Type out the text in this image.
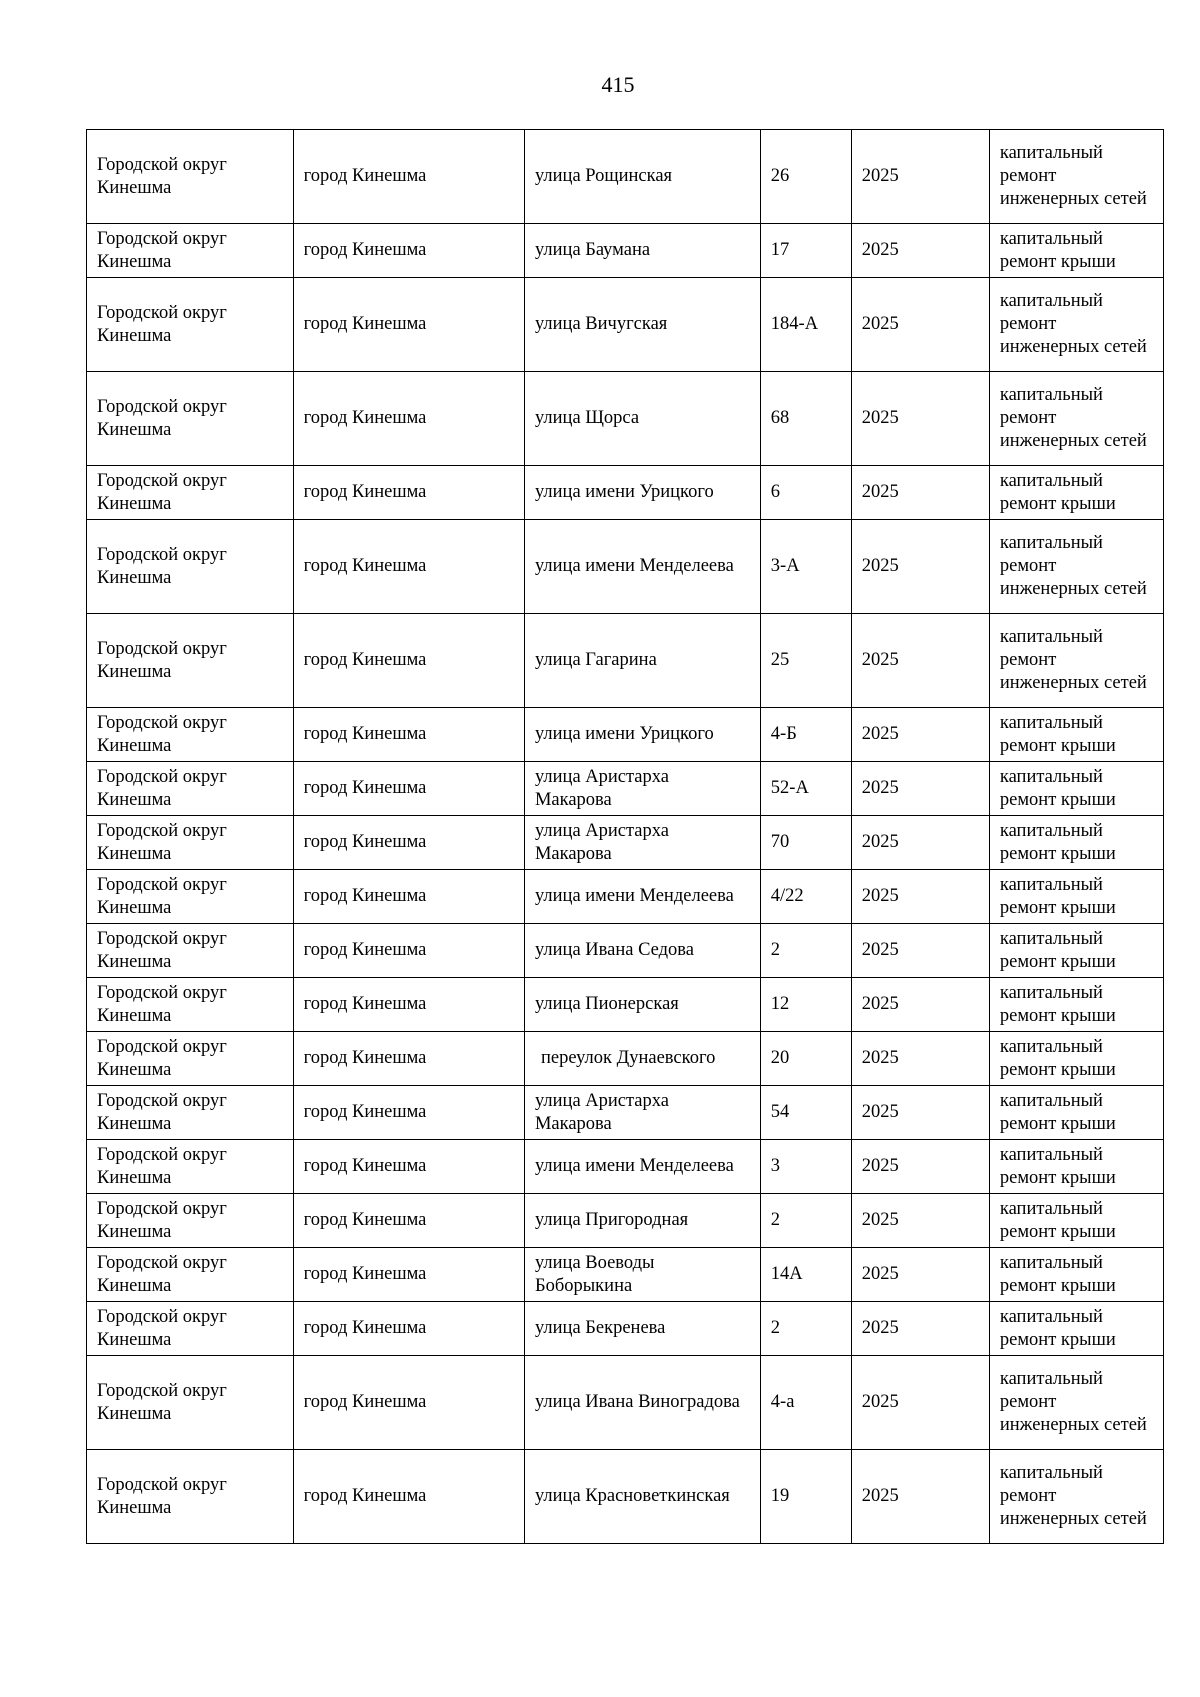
415
Городской округ Кинешма	город Кинешма	улица Рощинская	26	2025	капитальный ремонт инженерных сетей
Городской округ Кинешма	город Кинешма	улица Баумана	17	2025	капитальный ремонт крыши
Городской округ Кинешма	город Кинешма	улица Вичугская	184-А	2025	капитальный ремонт инженерных сетей
Городской округ Кинешма	город Кинешма	улица Щорса	68	2025	капитальный ремонт инженерных сетей
Городской округ Кинешма	город Кинешма	улица имени Урицкого	6	2025	капитальный ремонт крыши
Городской округ Кинешма	город Кинешма	улица имени Менделеева	3-А	2025	капитальный ремонт инженерных сетей
Городской округ Кинешма	город Кинешма	улица Гагарина	25	2025	капитальный ремонт инженерных сетей
Городской округ Кинешма	город Кинешма	улица имени Урицкого	4-Б	2025	капитальный ремонт крыши
Городской округ Кинешма	город Кинешма	улица Аристарха Макарова	52-А	2025	капитальный ремонт крыши
Городской округ Кинешма	город Кинешма	улица Аристарха Макарова	70	2025	капитальный ремонт крыши
Городской округ Кинешма	город Кинешма	улица имени Менделеева	4/22	2025	капитальный ремонт крыши
Городской округ Кинешма	город Кинешма	улица Ивана Седова	2	2025	капитальный ремонт крыши
Городской округ Кинешма	город Кинешма	улица Пионерская	12	2025	капитальный ремонт крыши
Городской округ Кинешма	город Кинешма	переулок Дунаевского	20	2025	капитальный ремонт крыши
Городской округ Кинешма	город Кинешма	улица Аристарха Макарова	54	2025	капитальный ремонт крыши
Городской округ Кинешма	город Кинешма	улица имени Менделеева	3	2025	капитальный ремонт крыши
Городской округ Кинешма	город Кинешма	улица Пригородная	2	2025	капитальный ремонт крыши
Городской округ Кинешма	город Кинешма	улица Воеводы Боборыкина	14А	2025	капитальный ремонт крыши
Городской округ Кинешма	город Кинешма	улица Бекренева	2	2025	капитальный ремонт крыши
Городской округ Кинешма	город Кинешма	улица Ивана Виноградова	4-а	2025	капитальный ремонт инженерных сетей
Городской округ Кинешма	город Кинешма	улица Красноветкинская	19	2025	капитальный ремонт инженерных сетей
